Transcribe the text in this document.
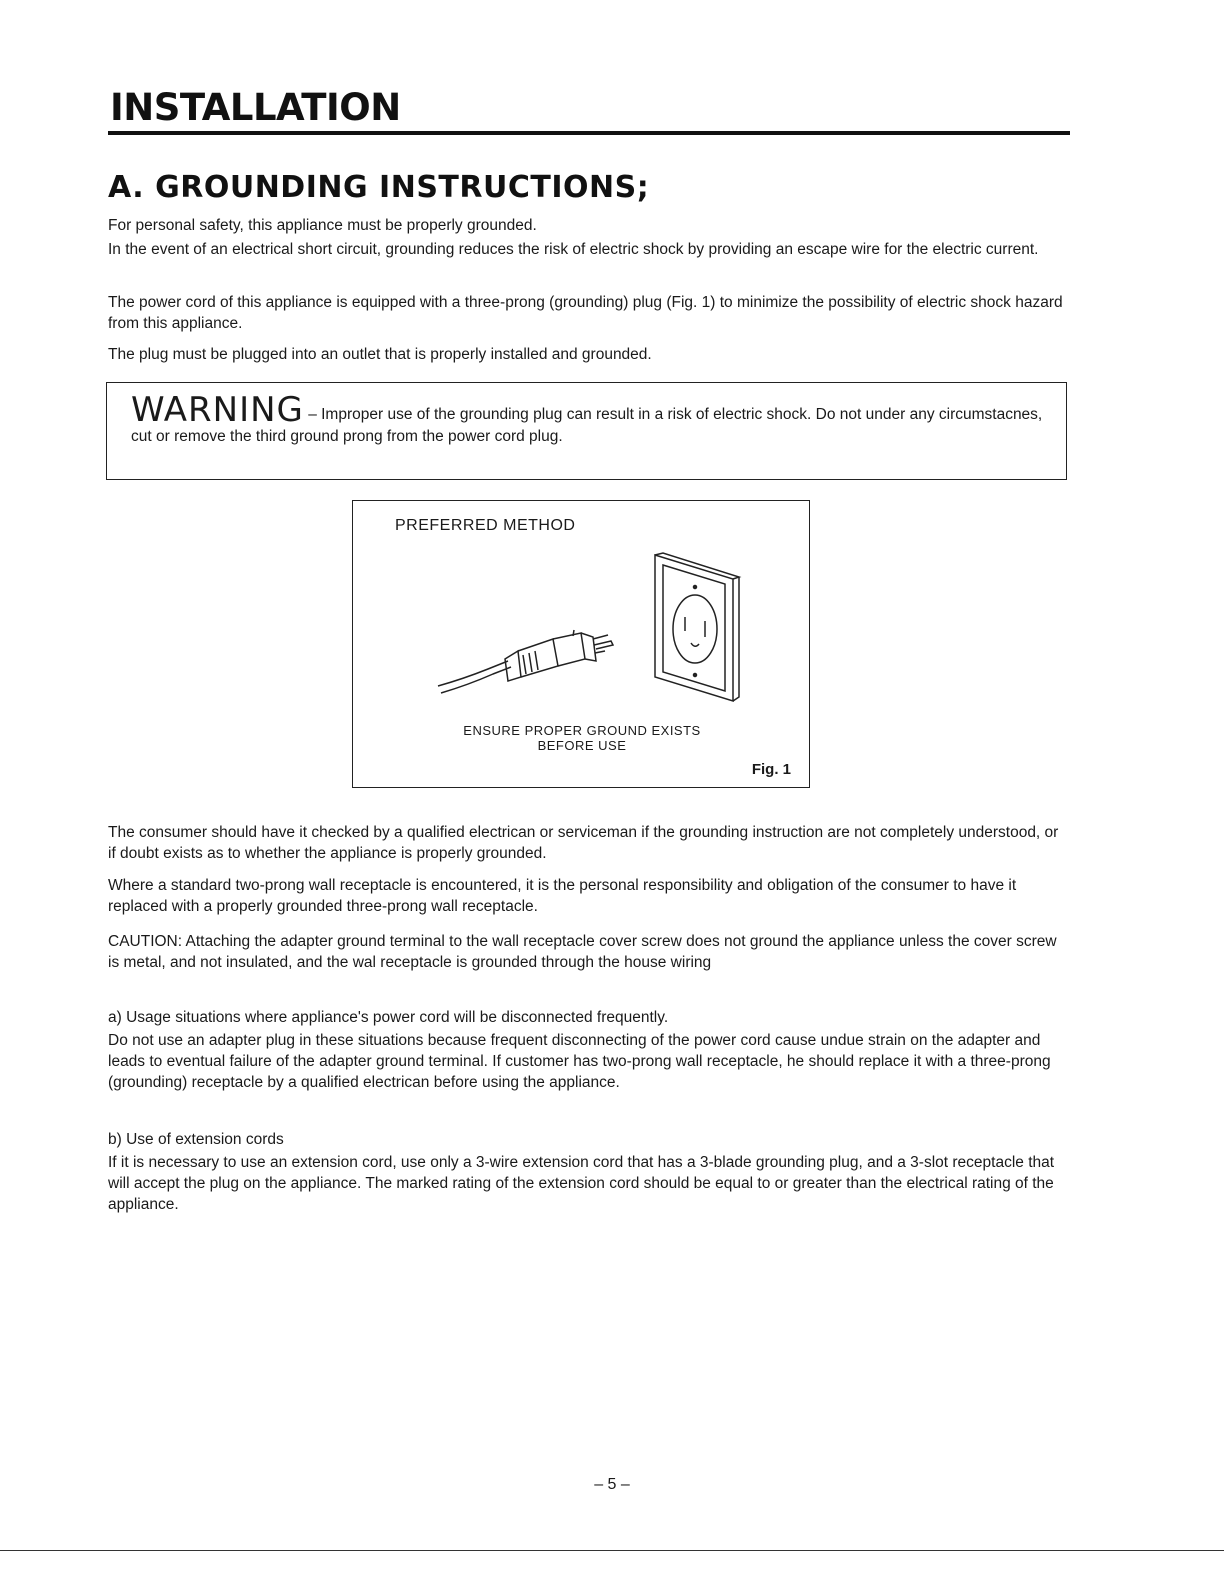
INSTALLATION
A. GROUNDING INSTRUCTIONS;

For personal safety, this appliance must be properly grounded.

In the event of an electrical short circuit, grounding reduces the risk of electric shock by providing an escape wire for the electric current.

The power cord of this appliance is equipped with a three-prong (grounding) plug (Fig. 1) to minimize the possibility of electric shock hazard from this appliance.

The plug must be plugged into an outlet that is properly installed and grounded.

WARNING – Improper use of the grounding plug can result in a risk of electric shock. Do not under any circumstacnes, cut or remove the third ground prong from the power cord plug.
PREFERRED METHOD
ENSURE PROPER GROUND EXISTS
BEFORE USE
Fig. 1

The consumer should have it checked by a qualified electrican or serviceman if the grounding instruction are not completely understood, or if doubt exists as to whether the appliance is properly grounded.

Where a standard two-prong wall receptacle is encountered, it is the personal responsibility and obligation of the consumer to have it replaced with a properly grounded three-prong wall receptacle.

CAUTION: Attaching the adapter ground terminal to the wall receptacle cover screw does not ground the appliance unless the cover screw is metal, and not insulated, and the wal receptacle is grounded through the house wiring

a) Usage situations where appliance's power cord will be disconnected frequently.

Do not use an adapter plug in these situations because frequent disconnecting of the power cord cause undue strain on the adapter and leads to eventual failure of the adapter ground terminal. If customer has two-prong wall receptacle, he should replace it with a three-prong (grounding) receptacle by a qualified electrican before using the appliance.

b) Use of extension cords

If it is necessary to use an extension cord, use only a 3-wire extension cord that has a 3-blade grounding plug, and a 3-slot receptacle that will accept the plug on the appliance. The marked rating of the extension cord should be equal to or greater than the electrical rating of the appliance.

– 5 –
